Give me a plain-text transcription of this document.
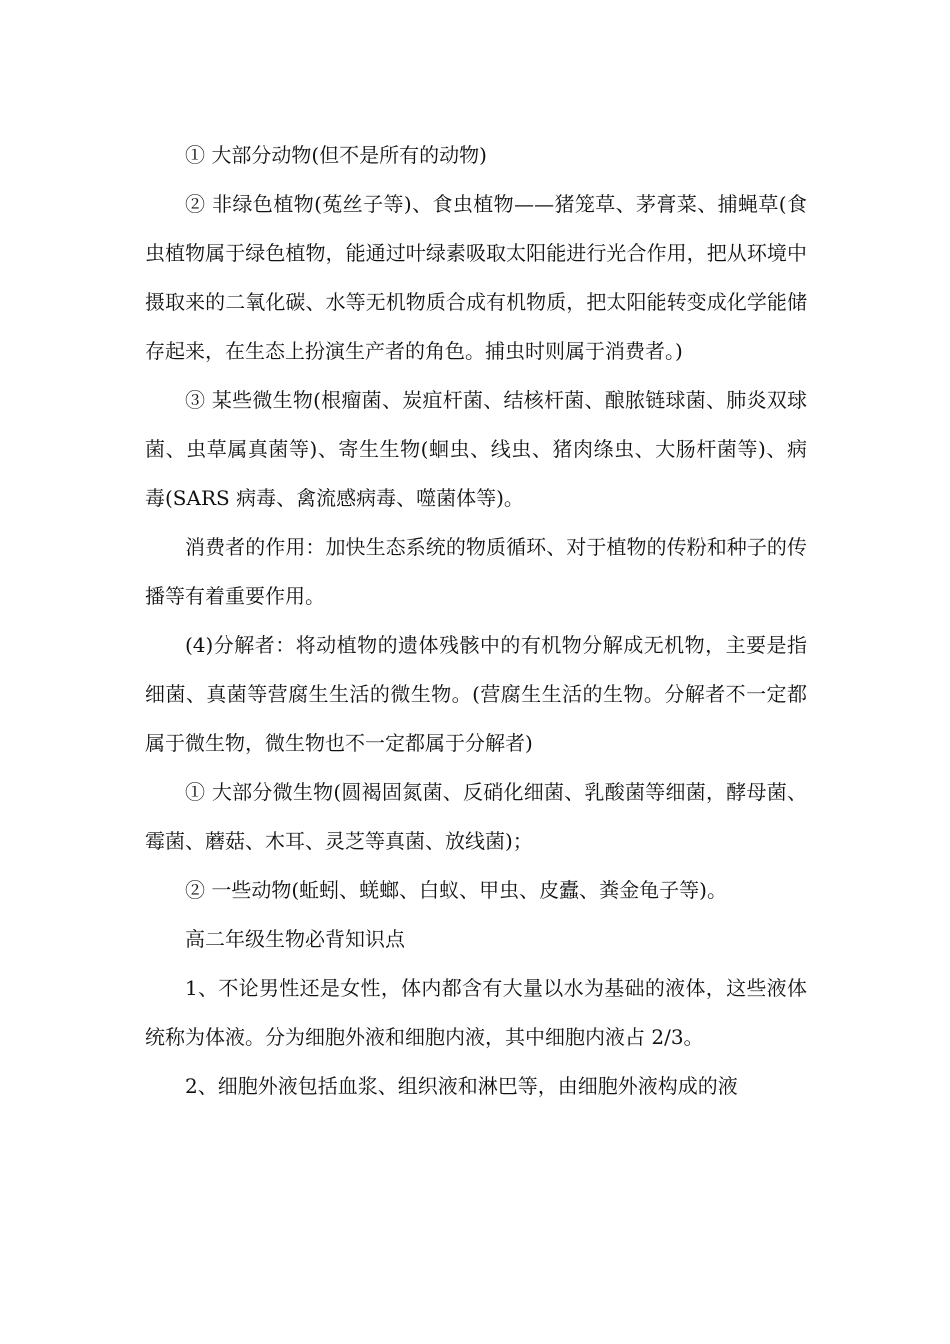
① 大部分动物(但不是所有的动物)

② 非绿色植物(菟丝子等)、食虫植物——猪笼草、茅膏菜、捕蝇草(食虫植物属于绿色植物，能通过叶绿素吸取太阳能进行光合作用，把从环境中摄取来的二氧化碳、水等无机物质合成有机物质，把太阳能转变成化学能储存起来，在生态上扮演生产者的角色。捕虫时则属于消费者。)

③ 某些微生物(根瘤菌、炭疽杆菌、结核杆菌、酿脓链球菌、肺炎双球菌、虫草属真菌等)、寄生生物(蛔虫、线虫、猪肉绦虫、大肠杆菌等)、病毒(SARS 病毒、禽流感病毒、噬菌体等)。

消费者的作用：加快生态系统的物质循环、对于植物的传粉和种子的传播等有着重要作用。

(4)分解者：将动植物的遗体残骸中的有机物分解成无机物，主要是指细菌、真菌等营腐生生活的微生物。(营腐生生活的生物。分解者不一定都属于微生物，微生物也不一定都属于分解者)

① 大部分微生物(圆褐固氮菌、反硝化细菌、乳酸菌等细菌，酵母菌、霉菌、蘑菇、木耳、灵芝等真菌、放线菌)；

② 一些动物(蚯蚓、蜣螂、白蚁、甲虫、皮蠹、粪金龟子等)。

高二年级生物必背知识点

1、不论男性还是女性，体内都含有大量以水为基础的液体，这些液体统称为体液。分为细胞外液和细胞内液，其中细胞内液占 2/3。

2、细胞外液包括血浆、组织液和淋巴等，由细胞外液构成的液
